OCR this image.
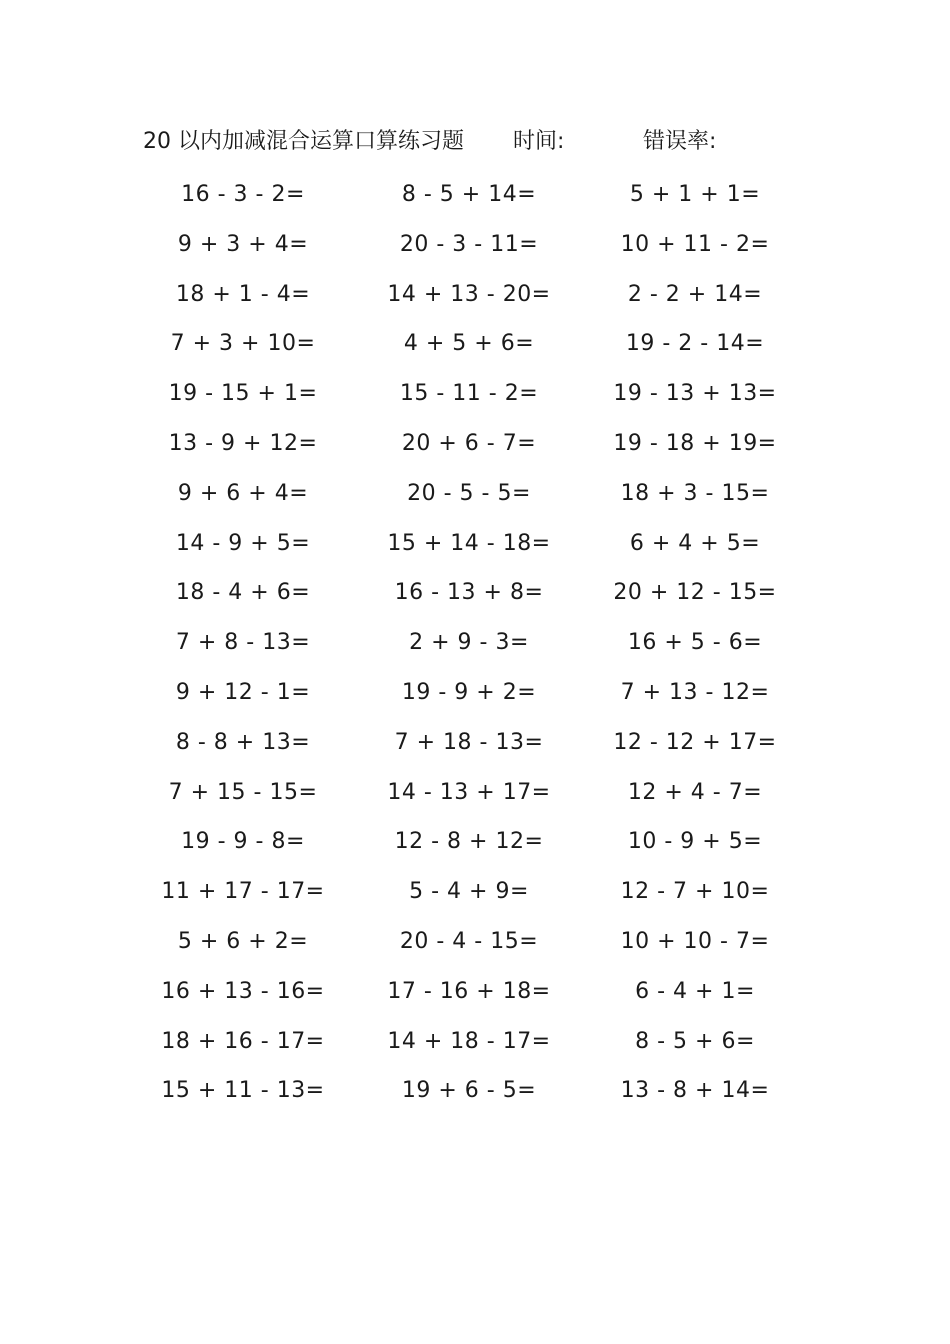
20 以内加减混合运算口算练习题 时间:	错误率:
16 - 3 - 2=	8 - 5 + 14=	5 + 1 + 1=
9 + 3 + 4=	20 - 3 - 11=	10 + 11 - 2=
18 + 1 - 4=	14 + 13 - 20=	2 - 2 + 14=
7 + 3 + 10=	4 + 5 + 6=	19 - 2 - 14=
19 - 15 + 1=	15 - 11 - 2=	19 - 13 + 13=
13 - 9 + 12=	20 + 6 - 7=	19 - 18 + 19=
9 + 6 + 4=	20 - 5 - 5=	18 + 3 - 15=
14 - 9 + 5=	15 + 14 - 18=	6 + 4 + 5=
18 - 4 + 6=	16 - 13 + 8=	20 + 12 - 15=
7 + 8 - 13=	2 + 9 - 3=	16 + 5 - 6=
9 + 12 - 1=	19 - 9 + 2=	7 + 13 - 12=
8 - 8 + 13=	7 + 18 - 13=	12 - 12 + 17=
7 + 15 - 15=	14 - 13 + 17=	12 + 4 - 7=
19 - 9 - 8=	12 - 8 + 12=	10 - 9 + 5=
11 + 17 - 17=	5 - 4 + 9=	12 - 7 + 10=
5 + 6 + 2=	20 - 4 - 15=	10 + 10 - 7=
16 + 13 - 16=	17 - 16 + 18=	6 - 4 + 1=
18 + 16 - 17=	14 + 18 - 17=	8 - 5 + 6=
15 + 11 - 13=	19 + 6 - 5=	13 - 8 + 14=
